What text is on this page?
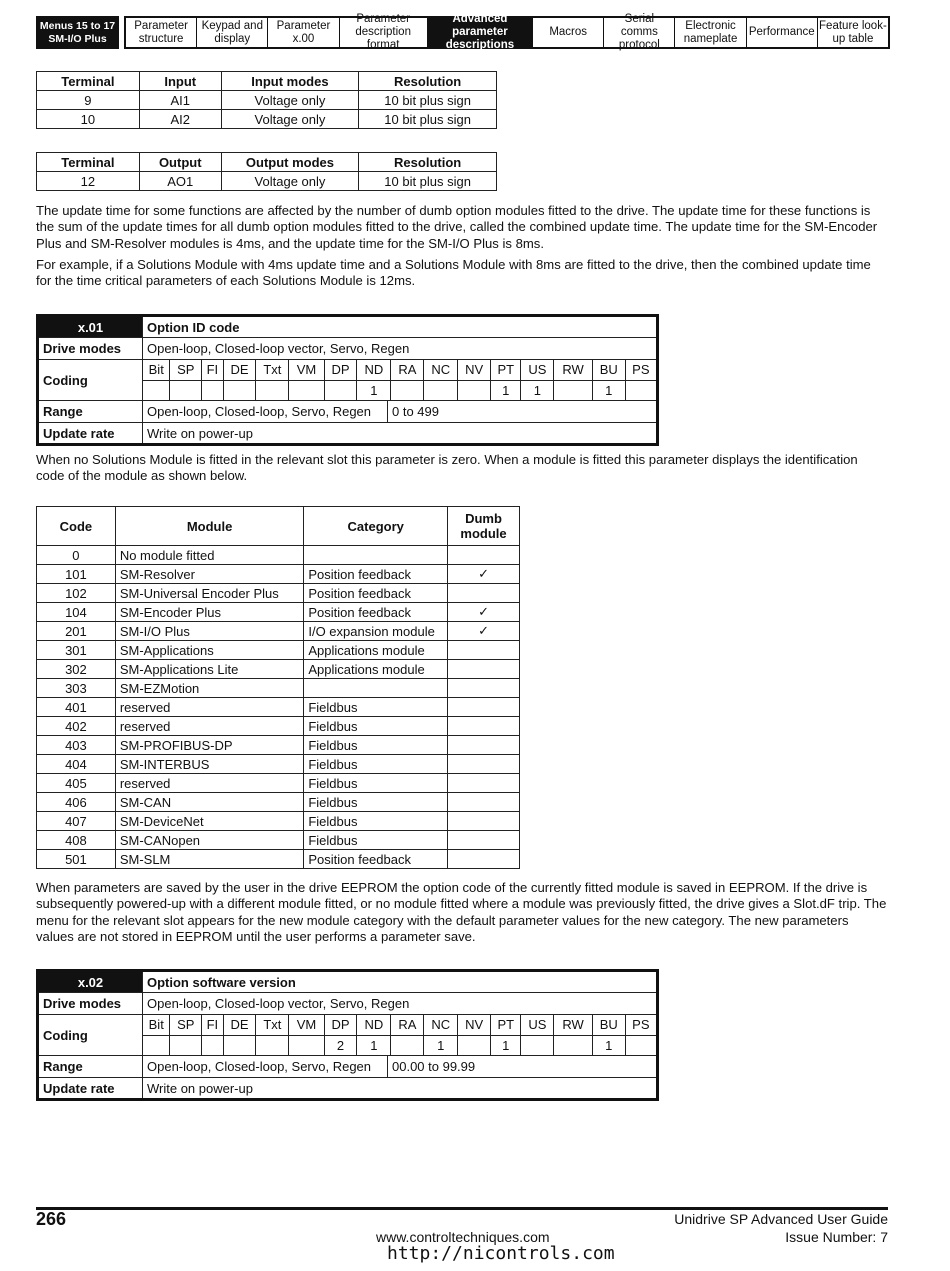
Menus 15 to 17 SM-I/O Plus
Parameter structure
Keypad and display
Parameter x.00
Parameter description format
Advanced parameter descriptions
Macros
Serial comms protocol
Electronic nameplate
Performance
Feature look-up table
Terminal	Input	Input modes	Resolution
9	AI1	Voltage only	10 bit plus sign
10	AI2	Voltage only	10 bit plus sign
Terminal	Output	Output modes	Resolution
12	AO1	Voltage only	10 bit plus sign
The update time for some functions are affected by the number of dumb option modules fitted to the drive. The update time for these functions is the sum of the update times for all dumb option modules fitted to the drive, called the combined update time. The update time for the SM-Encoder Plus and SM-Resolver modules is 4ms, and the update time for the SM-I/O Plus is 8ms.
For example, if a Solutions Module with 4ms update time and a Solutions Module with 8ms are fitted to the drive, then the combined update time for the time critical parameters of each Solutions Module is 12ms.
x.01	Option ID code
Drive modes	Open-loop, Closed-loop vector, Servo, Regen
Coding	
Bit	SP	FI	DE	Txt	VM	DP	ND	RA	NC	NV	PT	US	RW	BU	PS
							1				1	1		1	

Range	Open-loop, Closed-loop, Servo, Regen	0 to 499
Update rate	Write on power-up
When no Solutions Module is fitted in the relevant slot this parameter is zero. When a module is fitted this parameter displays the identification code of the module as shown below.
Code	Module	Category	Dumb module
0	No module fitted		
101	SM-Resolver	Position feedback	✓
102	SM-Universal Encoder Plus	Position feedback	
104	SM-Encoder Plus	Position feedback	✓
201	SM-I/O Plus	I/O expansion module	✓
301	SM-Applications	Applications module	
302	SM-Applications Lite	Applications module	
303	SM-EZMotion		
401	reserved	Fieldbus	
402	reserved	Fieldbus	
403	SM-PROFIBUS-DP	Fieldbus	
404	SM-INTERBUS	Fieldbus	
405	reserved	Fieldbus	
406	SM-CAN	Fieldbus	
407	SM-DeviceNet	Fieldbus	
408	SM-CANopen	Fieldbus	
501	SM-SLM	Position feedback	
When parameters are saved by the user in the drive EEPROM the option code of the currently fitted module is saved in EEPROM. If the drive is subsequently powered-up with a different module fitted, or no module fitted where a module was previously fitted, the drive gives a Slot.dF trip. The menu for the relevant slot appears for the new module category with the default parameter values for the new category. The new parameters values are not stored in EEPROM until the user performs a parameter save.
x.02	Option software version
Drive modes	Open-loop, Closed-loop vector, Servo, Regen
Coding	
Bit	SP	FI	DE	Txt	VM	DP	ND	RA	NC	NV	PT	US	RW	BU	PS
						2	1		1		1			1	

Range	Open-loop, Closed-loop, Servo, Regen	00.00 to 99.99
Update rate	Write on power-up
266	Unidrive SP Advanced User Guide
Issue Number: 7
www.controltechniques.com
http://nicontrols.com
